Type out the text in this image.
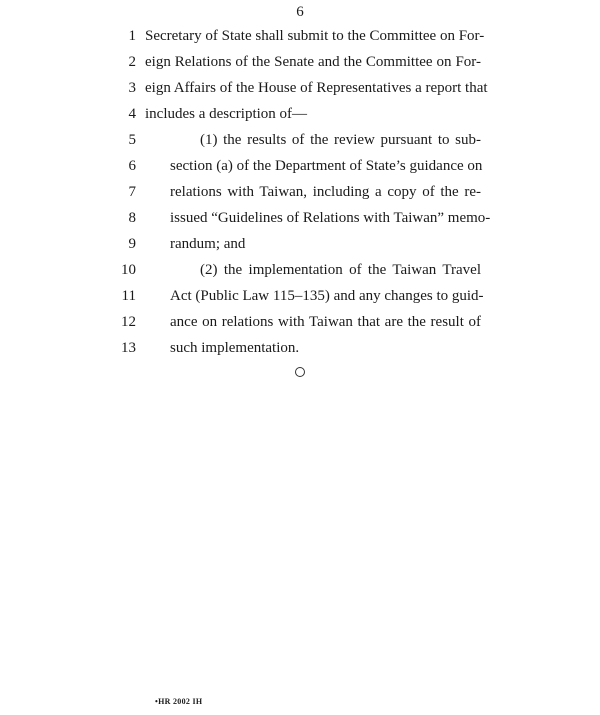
6
1 Secretary of State shall submit to the Committee on For-
2 eign Relations of the Senate and the Committee on For-
3 eign Affairs of the House of Representatives a report that
4 includes a description of—
5	(1) the results of the review pursuant to sub-
6 section (a) of the Department of State’s guidance on
7 relations with Taiwan, including a copy of the re-
8 issued “Guidelines of Relations with Taiwan” memo-
9 randum; and
10	(2) the implementation of the Taiwan Travel
11 Act (Public Law 115–135) and any changes to guid-
12 ance on relations with Taiwan that are the result of
13 such implementation.
•HR 2002 IH
